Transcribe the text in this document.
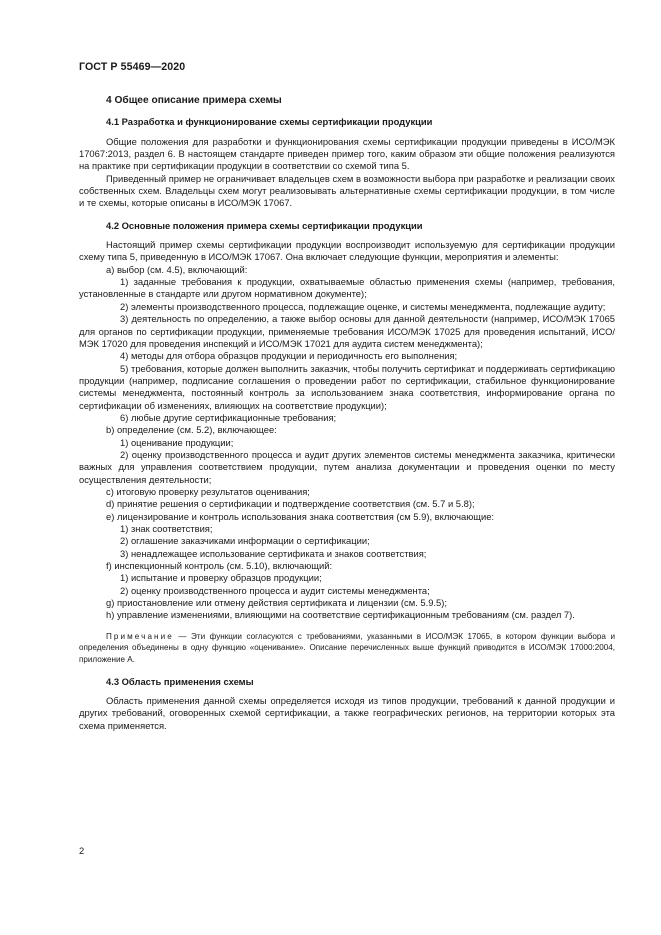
ГОСТ Р 55469—2020
4 Общее описание примера схемы
4.1 Разработка и функционирование схемы сертификации продукции

Общие положения для разработки и функционирования схемы сертификации продукции приведены в ИСО/МЭК 17067:2013, раздел 6. В настоящем стандарте приведен пример того, каким образом эти общие положения реализуются на практике при сертификации продукции в соответствии со схемой типа 5.

Приведенный пример не ограничивает владельцев схем в возможности выбора при разработке и реализации своих собственных схем. Владельцы схем могут реализовывать альтернативные схемы сертификации продукции, в том числе и те схемы, которые описаны в ИСО/МЭК 17067.

4.2 Основные положения примера схемы сертификации продукции

Настоящий пример схемы сертификации продукции воспроизводит используемую для сертификации продукции схему типа 5, приведенную в ИСО/МЭК 17067. Она включает следующие функции, мероприятия и элементы:

а) выбор (см. 4.5), включающий:

1) заданные требования к продукции, охватываемые областью применения схемы (например, требования, установленные в стандарте или другом нормативном документе);

2) элементы производственного процесса, подлежащие оценке, и системы менеджмента, подлежащие аудиту;

3) деятельность по определению, а также выбор основы для данной деятельности (например, ИСО/МЭК 17065 для органов по сертификации продукции, применяемые требования ИСО/МЭК 17025 для проведения испытаний, ИСО/МЭК 17020 для проведения инспекций и ИСО/МЭК 17021 для аудита систем менеджмента);

4) методы для отбора образцов продукции и периодичность его выполнения;

5) требования, которые должен выполнить заказчик, чтобы получить сертификат и поддерживать сертификацию продукции (например, подписание соглашения о проведении работ по сертификации, стабильное функционирование системы менеджмента, постоянный контроль за использованием знака соответствия, информирование органа по сертификации об изменениях, влияющих на соответствие продукции);

6) любые другие сертификационные требования;

b) определение (см. 5.2), включающее:

1) оценивание продукции;

2) оценку производственного процесса и аудит других элементов системы менеджмента заказчика, критически важных для управления соответствием продукции, путем анализа документации и проведения оценки по месту осуществления деятельности;

с) итоговую проверку результатов оценивания;

d) принятие решения о сертификации и подтверждение соответствия (см. 5.7 и 5.8);

е) лицензирование и контроль использования знака соответствия (см 5.9), включающие:

1) знак соответствия;

2) оглашение заказчиками информации о сертификации;

3) ненадлежащее использование сертификата и знаков соответствия;

f) инспекционный контроль (см. 5.10), включающий:

1) испытание и проверку образцов продукции;

2) оценку производственного процесса и аудит системы менеджмента;

g) приостановление или отмену действия сертификата и лицензии (см. 5.9.5);

h) управление изменениями, влияющими на соответствие сертификационным требованиям (см. раздел 7).

Примечание — Эти функции согласуются с требованиями, указанными в ИСО/МЭК 17065, в котором функции выбора и определения объединены в одну функцию «оценивание». Описание перечисленных выше функций приводится в ИСО/МЭК 17000:2004, приложение А.

4.3 Область применения схемы

Область применения данной схемы определяется исходя из типов продукции, требований к данной продукции и других требований, оговоренных схемой сертификации, а также географических регионов, на территории которых эта схема применяется.

2
